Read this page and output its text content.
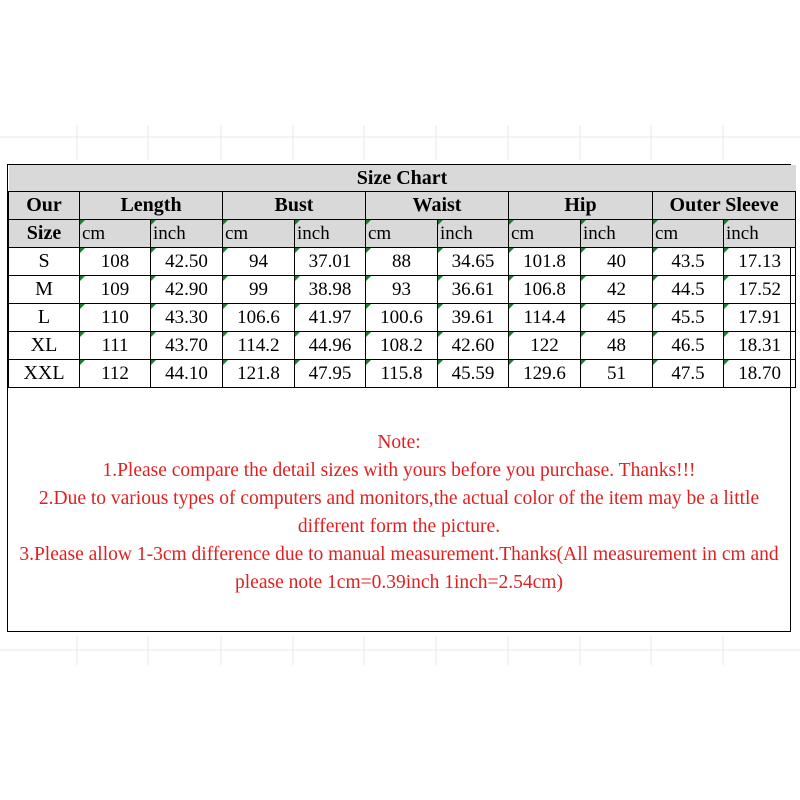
Size Chart										
Our	Length		Bust		Waist		Hip		Outer Sleeve	
Size	cm	inch	cm	inch	cm	inch	cm	inch	cm	inch
S	108	42.50	94	37.01	88	34.65	101.8	40	43.5	17.13
M	109	42.90	99	38.98	93	36.61	106.8	42	44.5	17.52
L	110	43.30	106.6	41.97	100.6	39.61	114.4	45	45.5	17.91
XL	111	43.70	114.2	44.96	108.2	42.60	122	48	46.5	18.31
XXL	112	44.10	121.8	47.95	115.8	45.59	129.6	51	47.5	18.70

Note:

1.Please compare the detail sizes with yours before you purchase. Thanks!!!

2.Due to various types of computers and monitors,the actual color of the item may be a little different form the picture.

3.Please allow 1-3cm difference due to manual measurement.Thanks(All measurement in cm and please note 1cm=0.39inch 1inch=2.54cm)
